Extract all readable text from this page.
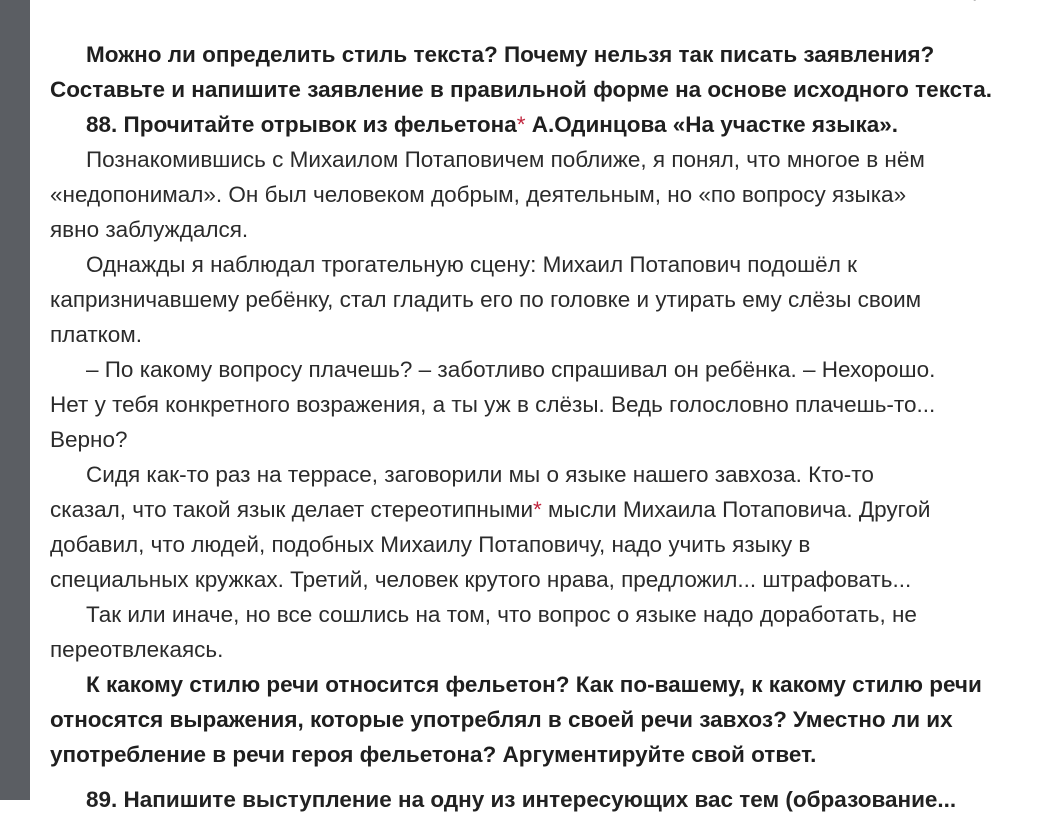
Можно ли определить стиль текста? Почему нельзя так писать заявления?

Составьте и напишите заявление в правильной форме на основе исходного текста.

88. Прочитайте отрывок из фельетона* А.Одинцова «На участке языка».

Познакомившись с Михаилом Потаповичем поближе, я понял, что многое в нём

«недопонимал». Он был человеком добрым, деятельным, но «по вопросу языка»

явно заблуждался.

Однажды я наблюдал трогательную сцену: Михаил Потапович подошёл к

капризничавшему ребёнку, стал гладить его по головке и утирать ему слёзы своим

платком.

– По какому вопросу плачешь? – заботливо спрашивал он ребёнка. – Нехорошо.

Нет у тебя конкретного возражения, а ты уж в слёзы. Ведь голословно плачешь-то...

Верно?

Сидя как-то раз на террасе, заговорили мы о языке нашего завхоза. Кто-то

сказал, что такой язык делает стереотипными* мысли Михаила Потаповича. Другой

добавил, что людей, подобных Михаилу Потаповичу, надо учить языку в

специальных кружках. Третий, человек крутого нрава, предложил... штрафовать...

Так или иначе, но все сошлись на том, что вопрос о языке надо доработать, не

переотвлекаясь.

К какому стилю речи относится фельетон? Как по-вашему, к какому стилю речи

относятся выражения, которые употреблял в своей речи завхоз? Уместно ли их

употребление в речи героя фельетона? Аргументируйте свой ответ.

89. Напишите выступление на одну из интересующих вас тем (образование...
